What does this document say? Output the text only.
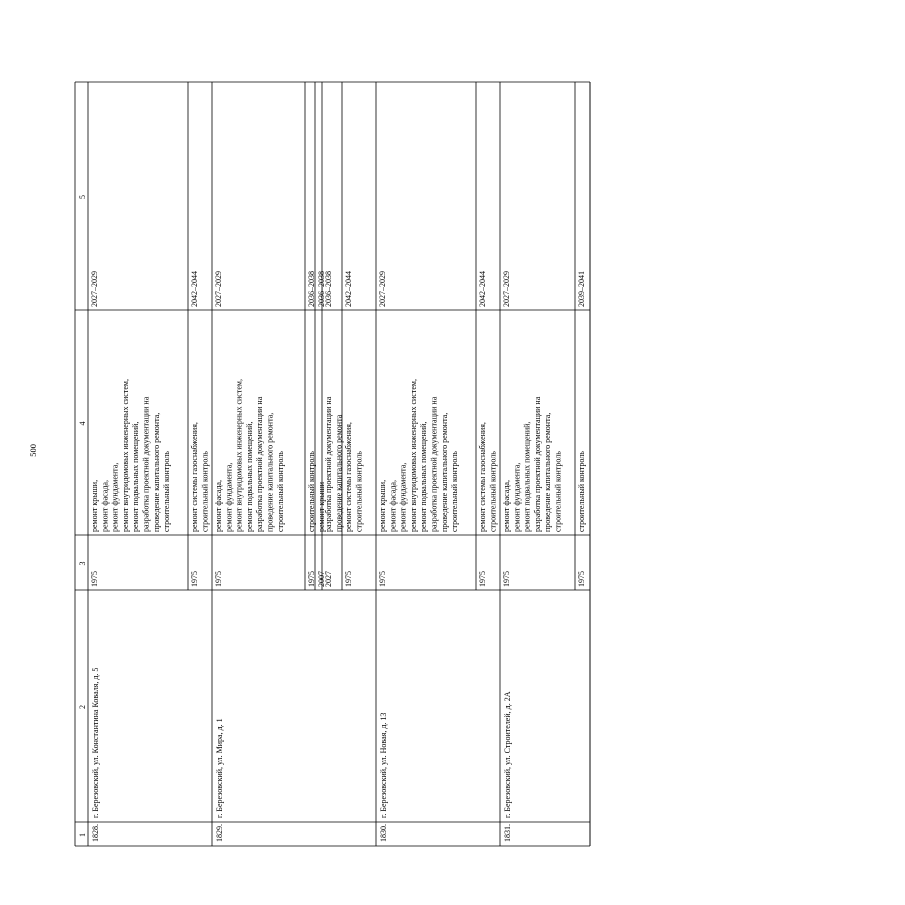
500
1
2
3
4
5
1828.
г. Березовский, ул. Константина Коваля, д. 5
1975
ремонт крыши, ремонт фасада, ремонт фундамента, ремонт внутридомовых инженерных систем, ремонт подвальных помещений, разработка проектной документации на проведение капитального ремонта, строительный контроль
2027–2029
1975
ремонт системы газоснабжения, строительный контроль
2042–2044
1829.
г. Березовский, ул. Мира, д. 1
1975
ремонт фасада, ремонт фундамента, ремонт внутридомовых инженерных систем, ремонт подвальных помещений, разработка проектной документации на проведение капитального ремонта, строительный контроль
2027–2029
1975
строительный контроль
2036–2038
2007
ремонт крыши
2036–2038
2027
разработка проектной документации на проведение капитального ремонта
2036–2038
1975
ремонт системы газоснабжения, строительный контроль
2042–2044
1830.
г. Березовский, ул. Новая, д. 13
1975
ремонт крыши, ремонт фасада, ремонт фундамента, ремонт внутридомовых инженерных систем, ремонт подвальных помещений, разработка проектной документации на проведение капитального ремонта, строительный контроль
2027–2029
1975
ремонт системы газоснабжения, строительный контроль
2042–2044
1831.
г. Березовский, ул. Строителей, д. 2А
1975
ремонт фасада, ремонт фундамента, ремонт подвальных помещений, разработка проектной документации на проведение капитального ремонта, строительный контроль
2027–2029
1975
строительный контроль
2039–2041
